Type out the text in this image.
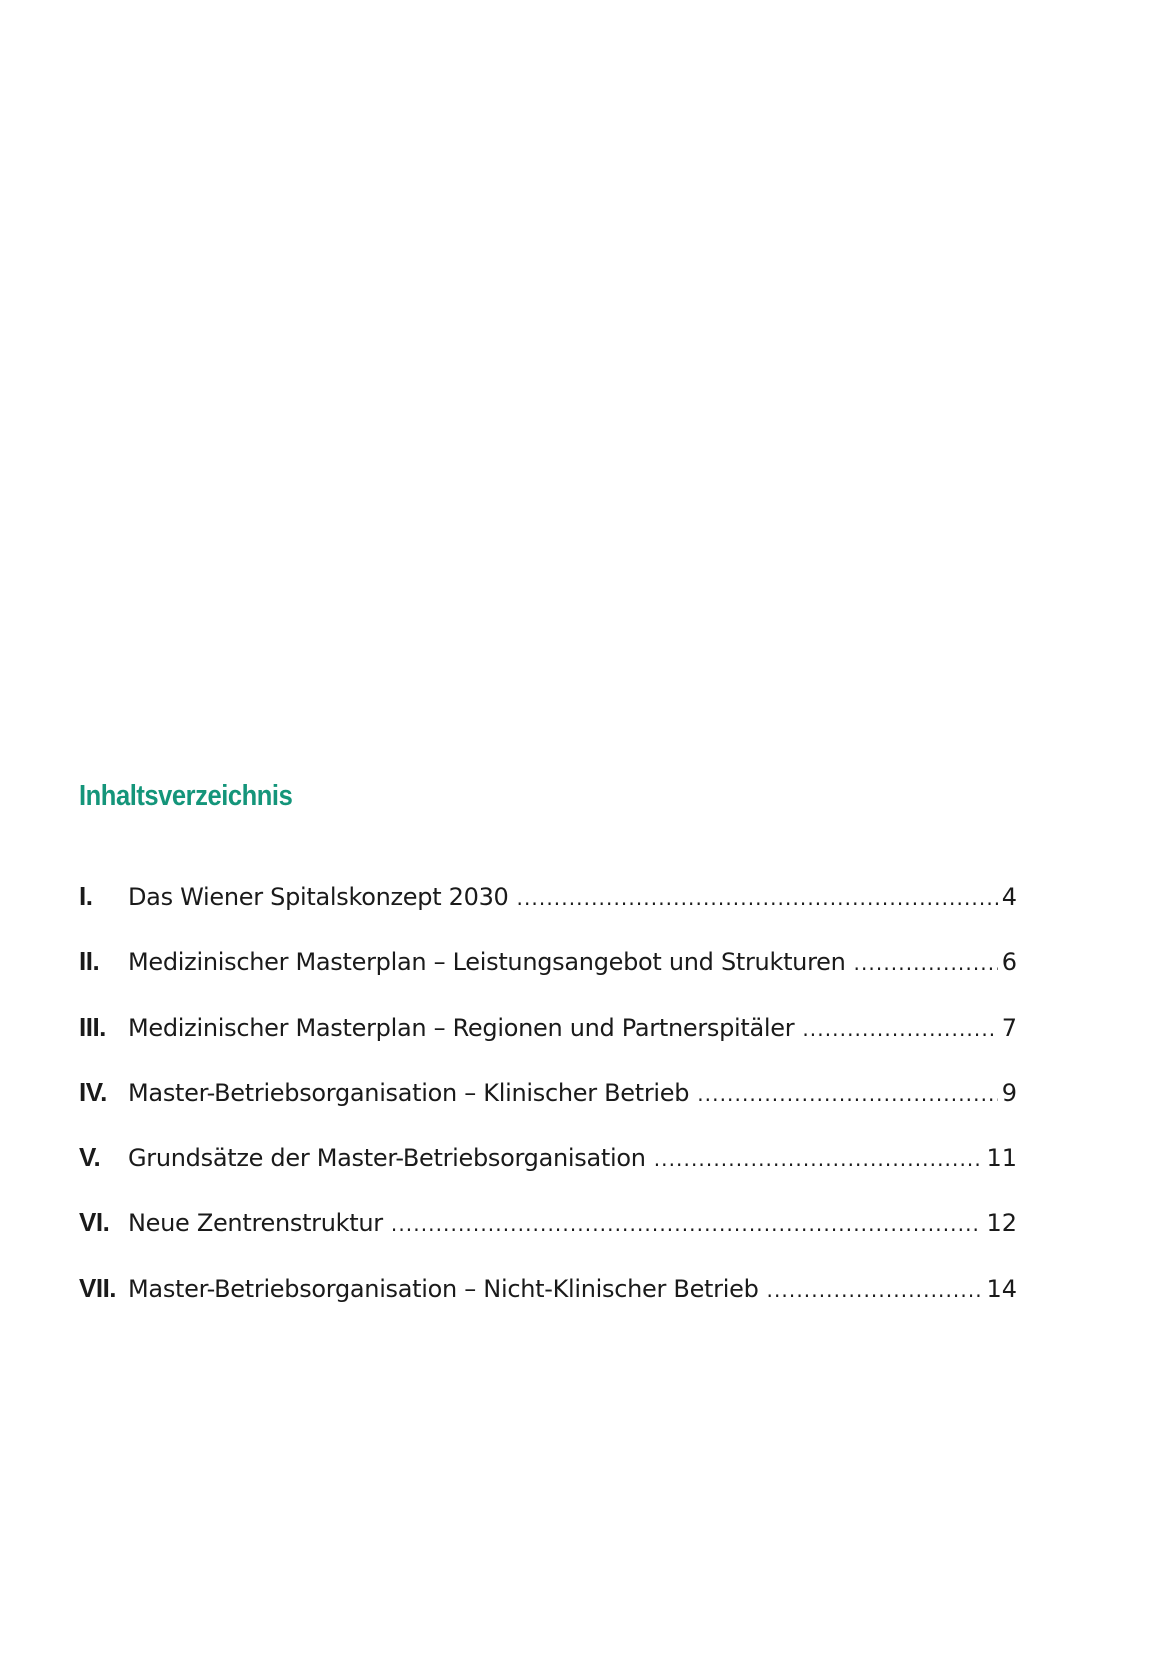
Inhaltsverzeichnis
I.	Das Wiener Spitalskonzept 2030 .....	4
II.	Medizinischer Masterplan – Leistungsangebot und Strukturen .....	6
III. Medizinischer Masterplan – Regionen und Partnerspitäler .....	7
IV. Master-Betriebsorganisation – Klinischer Betrieb .....	9
V.	Grundsätze der Master-Betriebsorganisation .....	11
VI. Neue Zentrenstruktur .....	12
VII. Master-Betriebsorganisation – Nicht-Klinischer Betrieb .....	14
